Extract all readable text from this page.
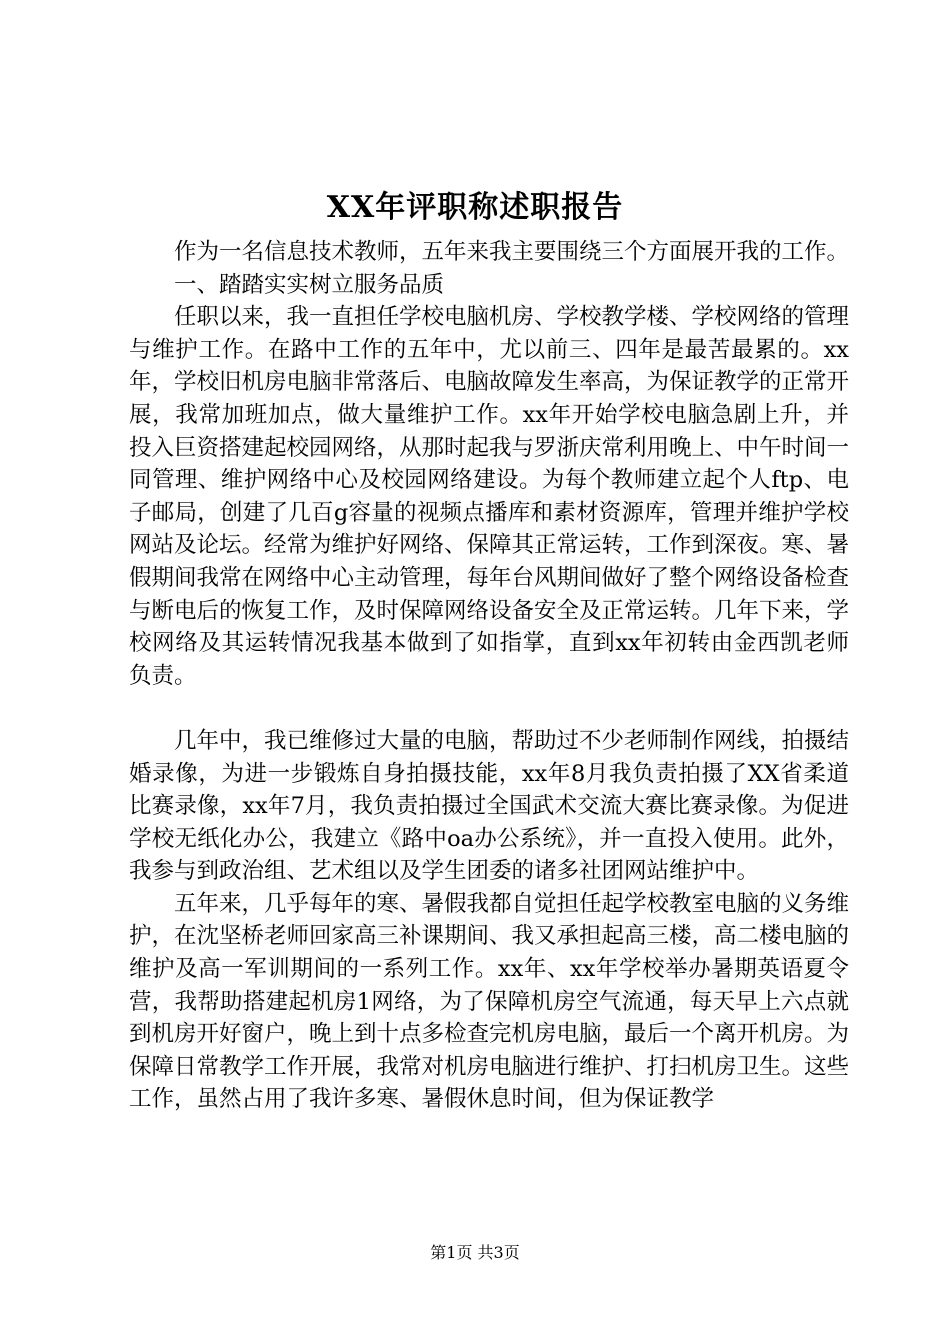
XX年评职称述职报告

作为一名信息技术教师，五年来我主要围绕三个方面展开我的工作。

一、踏踏实实树立服务品质

任职以来，我一直担任学校电脑机房、学校教学楼、学校网络的管理与维护工作。在路中工作的五年中，尤以前三、四年是最苦最累的。xx年，学校旧机房电脑非常落后、电脑故障发生率高，为保证教学的正常开展，我常加班加点，做大量维护工作。xx年开始学校电脑急剧上升，并投入巨资搭建起校园网络，从那时起我与罗浙庆常利用晚上、中午时间一同管理、维护网络中心及校园网络建设。为每个教师建立起个人ftp、电子邮局，创建了几百g容量的视频点播库和素材资源库，管理并维护学校网站及论坛。经常为维护好网络、保障其正常运转，工作到深夜。寒、暑假期间我常在网络中心主动管理，每年台风期间做好了整个网络设备检查与断电后的恢复工作，及时保障网络设备安全及正常运转。几年下来，学校网络及其运转情况我基本做到了如指掌，直到xx年初转由金西凯老师负责。

几年中，我已维修过大量的电脑，帮助过不少老师制作网线，拍摄结婚录像，为进一步锻炼自身拍摄技能，xx年8月我负责拍摄了XX省柔道比赛录像，xx年7月，我负责拍摄过全国武术交流大赛比赛录像。为促进学校无纸化办公，我建立《路中oa办公系统》，并一直投入使用。此外，我参与到政治组、艺术组以及学生团委的诸多社团网站维护中。

五年来，几乎每年的寒、暑假我都自觉担任起学校教室电脑的义务维护，在沈坚桥老师回家高三补课期间、我又承担起高三楼，高二楼电脑的维护及高一军训期间的一系列工作。xx年、xx年学校举办暑期英语夏令营，我帮助搭建起机房1网络，为了保障机房空气流通，每天早上六点就到机房开好窗户，晚上到十点多检查完机房电脑，最后一个离开机房。为保障日常教学工作开展，我常对机房电脑进行维护、打扫机房卫生。这些工作，虽然占用了我许多寒、暑假休息时间，但为保证教学

第1页 共3页
